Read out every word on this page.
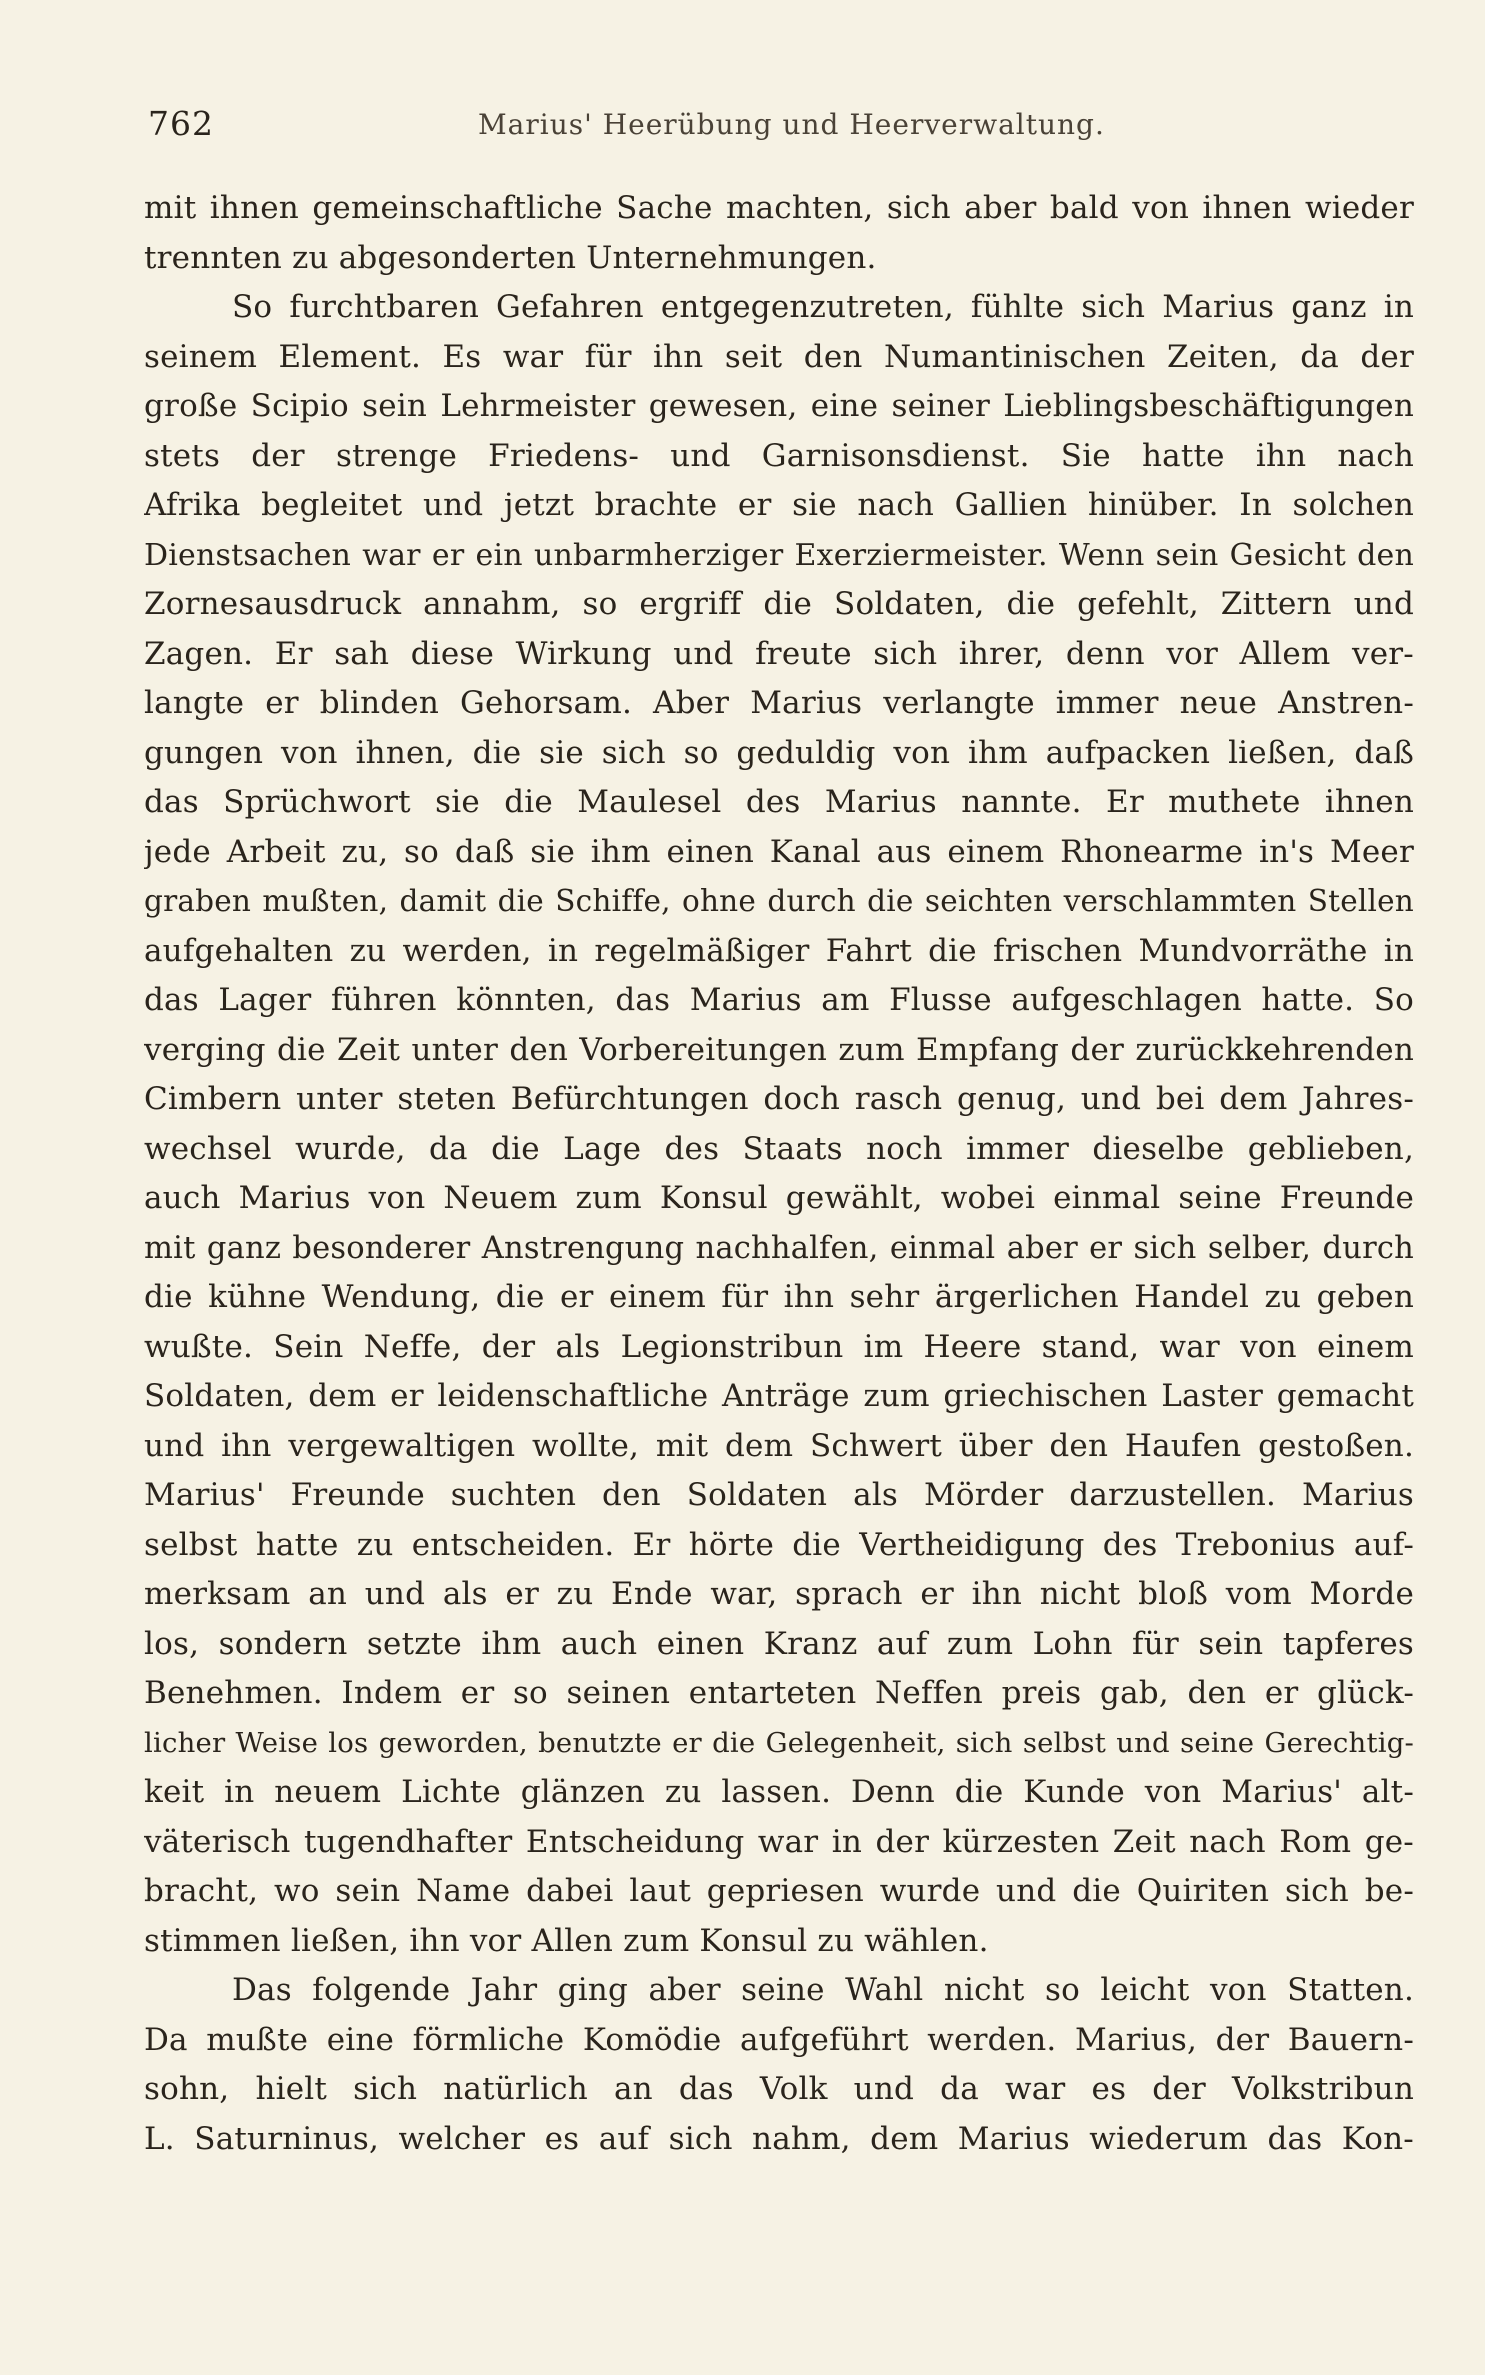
762	Marius' Heerübung und Heerverwaltung.
mit ihnen gemeinschaftliche Sache machten, sich aber bald von ihnen wieder
trennten zu abgesonderten Unternehmungen.
So furchtbaren Gefahren entgegenzutreten, fühlte sich Marius ganz in
seinem Element. Es war für ihn seit den Numantinischen Zeiten, da der
große Scipio sein Lehrmeister gewesen, eine seiner Lieblingsbeschäftigungen
stets der strenge Friedens- und Garnisonsdienst. Sie hatte ihn nach
Afrika begleitet und jetzt brachte er sie nach Gallien hinüber. In solchen
Dienstsachen war er ein unbarmherziger Exerziermeister. Wenn sein Gesicht den
Zornesausdruck annahm, so ergriff die Soldaten, die gefehlt, Zittern und
Zagen. Er sah diese Wirkung und freute sich ihrer, denn vor Allem ver-
langte er blinden Gehorsam. Aber Marius verlangte immer neue Anstren-
gungen von ihnen, die sie sich so geduldig von ihm aufpacken ließen, daß
das Sprüchwort sie die Maulesel des Marius nannte. Er muthete ihnen
jede Arbeit zu, so daß sie ihm einen Kanal aus einem Rhonearme in's Meer
graben mußten, damit die Schiffe, ohne durch die seichten verschlammten Stellen
aufgehalten zu werden, in regelmäßiger Fahrt die frischen Mundvorräthe in
das Lager führen könnten, das Marius am Flusse aufgeschlagen hatte. So
verging die Zeit unter den Vorbereitungen zum Empfang der zurückkehrenden
Cimbern unter steten Befürchtungen doch rasch genug, und bei dem Jahres-
wechsel wurde, da die Lage des Staats noch immer dieselbe geblieben,
auch Marius von Neuem zum Konsul gewählt, wobei einmal seine Freunde
mit ganz besonderer Anstrengung nachhalfen, einmal aber er sich selber, durch
die kühne Wendung, die er einem für ihn sehr ärgerlichen Handel zu geben
wußte. Sein Neffe, der als Legionstribun im Heere stand, war von einem
Soldaten, dem er leidenschaftliche Anträge zum griechischen Laster gemacht
und ihn vergewaltigen wollte, mit dem Schwert über den Haufen gestoßen.
Marius' Freunde suchten den Soldaten als Mörder darzustellen. Marius
selbst hatte zu entscheiden. Er hörte die Vertheidigung des Trebonius auf-
merksam an und als er zu Ende war, sprach er ihn nicht bloß vom Morde
los, sondern setzte ihm auch einen Kranz auf zum Lohn für sein tapferes
Benehmen. Indem er so seinen entarteten Neffen preis gab, den er glück-
licher Weise los geworden, benutzte er die Gelegenheit, sich selbst und seine Gerechtig-
keit in neuem Lichte glänzen zu lassen. Denn die Kunde von Marius' alt-
väterisch tugendhafter Entscheidung war in der kürzesten Zeit nach Rom ge-
bracht, wo sein Name dabei laut gepriesen wurde und die Quiriten sich be-
stimmen ließen, ihn vor Allen zum Konsul zu wählen.
Das folgende Jahr ging aber seine Wahl nicht so leicht von Statten.
Da mußte eine förmliche Komödie aufgeführt werden. Marius, der Bauern-
sohn, hielt sich natürlich an das Volk und da war es der Volkstribun
L. Saturninus, welcher es auf sich nahm, dem Marius wiederum das Kon-
